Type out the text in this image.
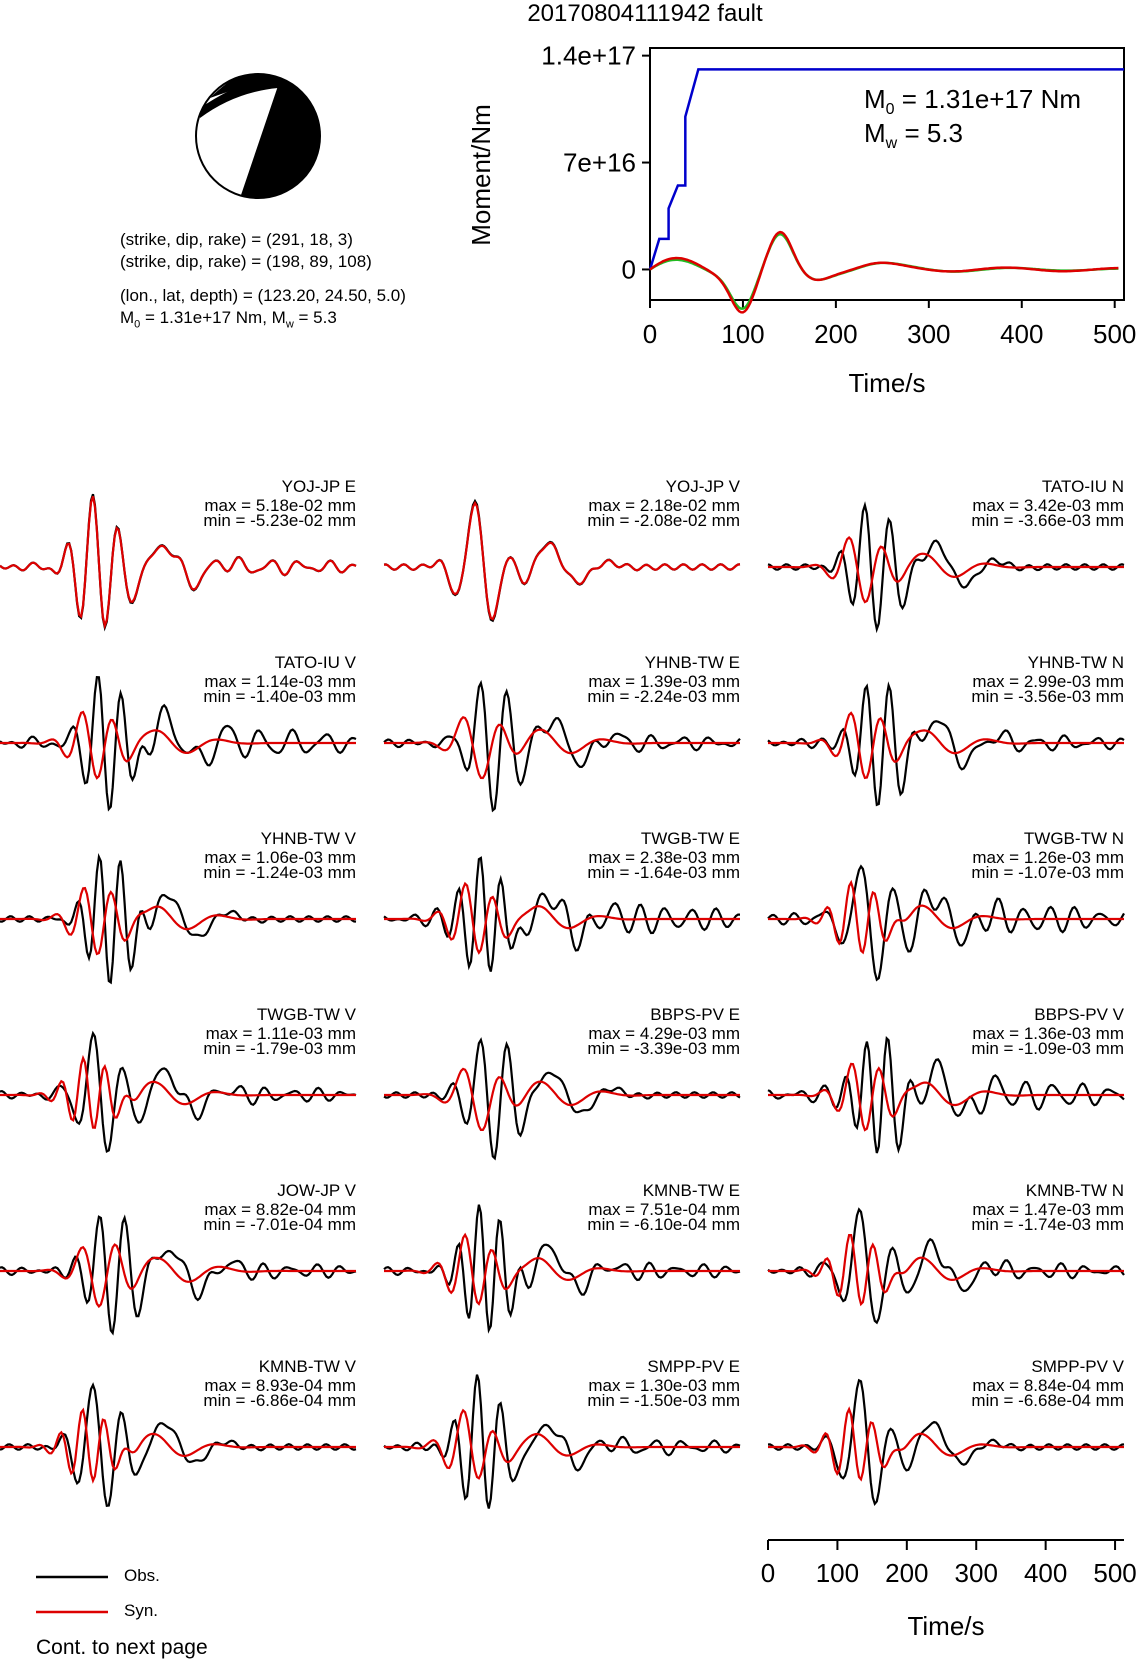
20170804111942 fault
(strike, dip, rake) = (291, 18, 3)
(strike, dip, rake) = (198, 89, 108)
(lon., lat, depth) = (123.20, 24.50, 5.0)
$M_0 = 1.31e+17$ Nm, $M_w = 5.3$
1.4e+17
7e+16
0
0 100 200 300 400 500
$M_0 = 1.31e+17$ Nm
$M_w = 5.3$
Moment/Nm
Time/s
YOJ-JP E
max = 5.18e-02 mm
min = -5.23e-02 mm
YOJ-JP V
max = 2.18e-02 mm
min = -2.08e-02 mm
TATO-IU N
max = 3.42e-03 mm
min = -3.66e-03 mm
TATO-IU V
max = 1.14e-03 mm
min = -1.40e-03 mm
YHNB-TW E
max = 1.39e-03 mm
min = -2.24e-03 mm
YHNB-TW N
max = 2.99e-03 mm
min = -3.56e-03 mm
YHNB-TW V
max = 1.06e-03 mm
min = -1.24e-03 mm
TWGB-TW E
max = 2.38e-03 mm
min = -1.64e-03 mm
TWGB-TW N
max = 1.26e-03 mm
min = -1.07e-03 mm
TWGB-TW V
max = 1.11e-03 mm
min = -1.79e-03 mm
BBPS-PV E
max = 4.29e-03 mm
min = -3.39e-03 mm
BBPS-PV V
max = 1.36e-03 mm
min = -1.09e-03 mm
JOW-JP V
max = 8.82e-04 mm
min = -7.01e-04 mm
KMNB-TW E
max = 7.51e-04 mm
min = -6.10e-04 mm
KMNB-TW N
max = 1.47e-03 mm
min = -1.74e-03 mm
KMNB-TW V
max = 8.93e-04 mm
min = -6.86e-04 mm
SMPP-PV E
max = 1.30e-03 mm
min = -1.50e-03 mm
SMPP-PV V
max = 8.84e-04 mm
min = -6.68e-04 mm
Obs.
Syn.
0 100 200 300 400 500
Time/s
Cont. to next page
